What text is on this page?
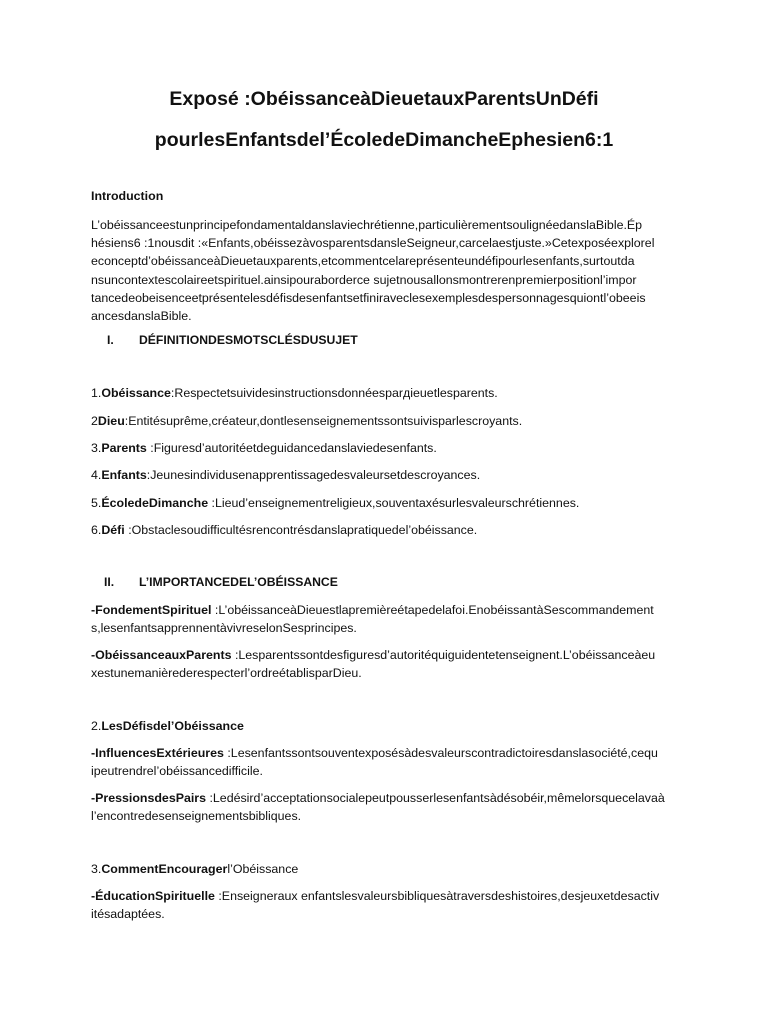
Exposé :ObéissanceàDieuetauxParentsUnDéfi
pourlesEnfantsdel’ÉcoledeDimancheEphesien6:1
Introduction
L’obéissanceestunprincipefondamentaldanslaviechrétienne,particulièrementsoulignéedanslaBible.Ép
hésiens6 :1nousdit :«Enfants,obéissezàvosparentsdansleSeigneur,carcelaestjuste.»Cetexposéexplorel
econceptd’obéissanceàDieuetauxparents,etcommentcelareprésenteundéfipourlesenfants,surtoutda
nsuncontextescolaireetspirituel.ainsipouraborderce sujetnousallonsmontrerenpremierpositionl’impor
tancedeobeisenceetprésentelesdéfisdesenfantsetfiniraveclesexemplesdespersonnagesquiontl’obeeis
ancesdanslaBible.
I. DÉFINITIONDESMOTSCLÉSDUSUJET
1.Obéissance:Respectetsuividesinstructionsdonnéesparдieuetlesparents.
2Dieu:Entitésuprême,créateur,dontlesenseignementssontsuivisparlescroyants.
3.Parents :Figuresd’autoritéetdeguidancedanslaviedesenfants.
4.Enfants:Jeunesindividusenapprentissagedesvaleursetdescroyances.
5.ÉcoledeDimanche :Lieud’enseignementreligieux,souventaxésurlesvaleurschrétiennes.
6.Défi :Obstaclesoudifficultésrencontrésdanslapratiquedel’obéissance.
II. L’IMPORTANCEDEL’OBÉISSANCE
-FondementSpirituel :L’obéissanceàDieuestlapremièreétapedelafoi.EnobéissantàSescommandement
s,lesenfantsapprennentàvivreselonSesprincipes.
-ObéissanceauxParents :Lesparentssontdesfiguresd’autoritéquiguidentetenseignent.L’obéissanceàeu
xestunemanièrederespecterl’ordreétablisparDieu.
2.LesDéfisdel’Obéissance
-InfluencesExtérieures :Lesenfantssontsouventexposésàdesvaleurscontradictoiresdanslasociété,cequ
ipeutrendrel’obéissancedifficile.
-PressionsdesPairs :Ledésird’acceptationsocialepeutpousserlesenfantsàdésobéir,mêmelorsquecelavaà
l’encontredesenseignementsbibliques.
3.CommentEncouragerl’Obéissance
-ÉducationSpirituelle :Enseigneraux enfantslesvaleursbibliquesàtraversdeshistoires,desjeuxetdesactiv
itésadaptées.
